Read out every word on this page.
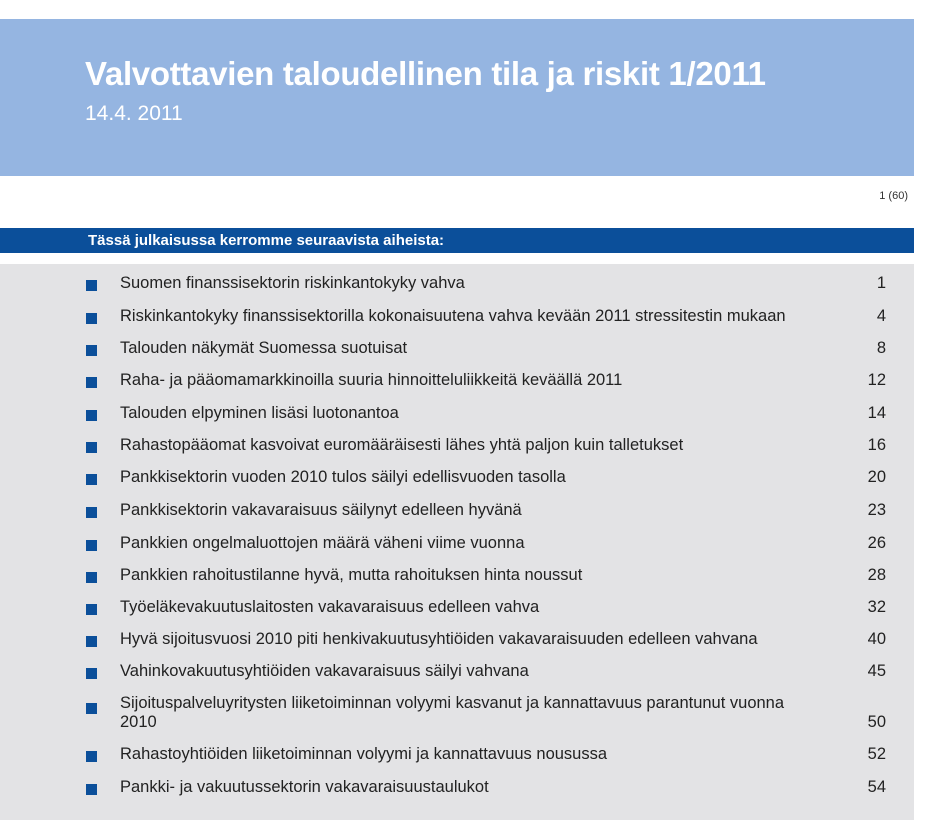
Valvottavien taloudellinen tila ja riskit 1/2011
14.4. 2011
1 (60)
Tässä julkaisussa kerromme seuraavista aiheista:
Suomen finanssisektorin riskinkantokyky vahva	1
Riskinkantokyky finanssisektorilla kokonaisuutena vahva kevään 2011 stressitestin mukaan	4
Talouden näkymät Suomessa suotuisat	8
Raha- ja pääomamarkkinoilla suuria hinnoitteluliikkeitä keväällä 2011	12
Talouden elpyminen lisäsi luotonantoa	14
Rahastopääomat kasvoivat euromääräisesti lähes yhtä paljon kuin talletukset	16
Pankkisektorin vuoden 2010 tulos säilyi edellisvuoden tasolla	20
Pankkisektorin vakavaraisuus säilynyt edelleen hyvänä	23
Pankkien ongelmaluottojen määrä väheni viime vuonna	26
Pankkien rahoitustilanne hyvä, mutta rahoituksen hinta noussut	28
Työeläkevakuutuslaitosten vakavaraisuus edelleen vahva	32
Hyvä sijoitusvuosi 2010 piti henkivakuutusyhtiöiden vakavaraisuuden edelleen vahvana	40
Vahinkovakuutusyhtiöiden vakavaraisuus säilyi vahvana	45
Sijoituspalveluyritysten liiketoiminnan volyymi kasvanut ja kannattavuus parantunut vuonna 2010	50
Rahastoyhtiöiden liiketoiminnan volyymi ja kannattavuus nousussa	52
Pankki- ja vakuutussektorin vakavaraisuustaulukot	54
